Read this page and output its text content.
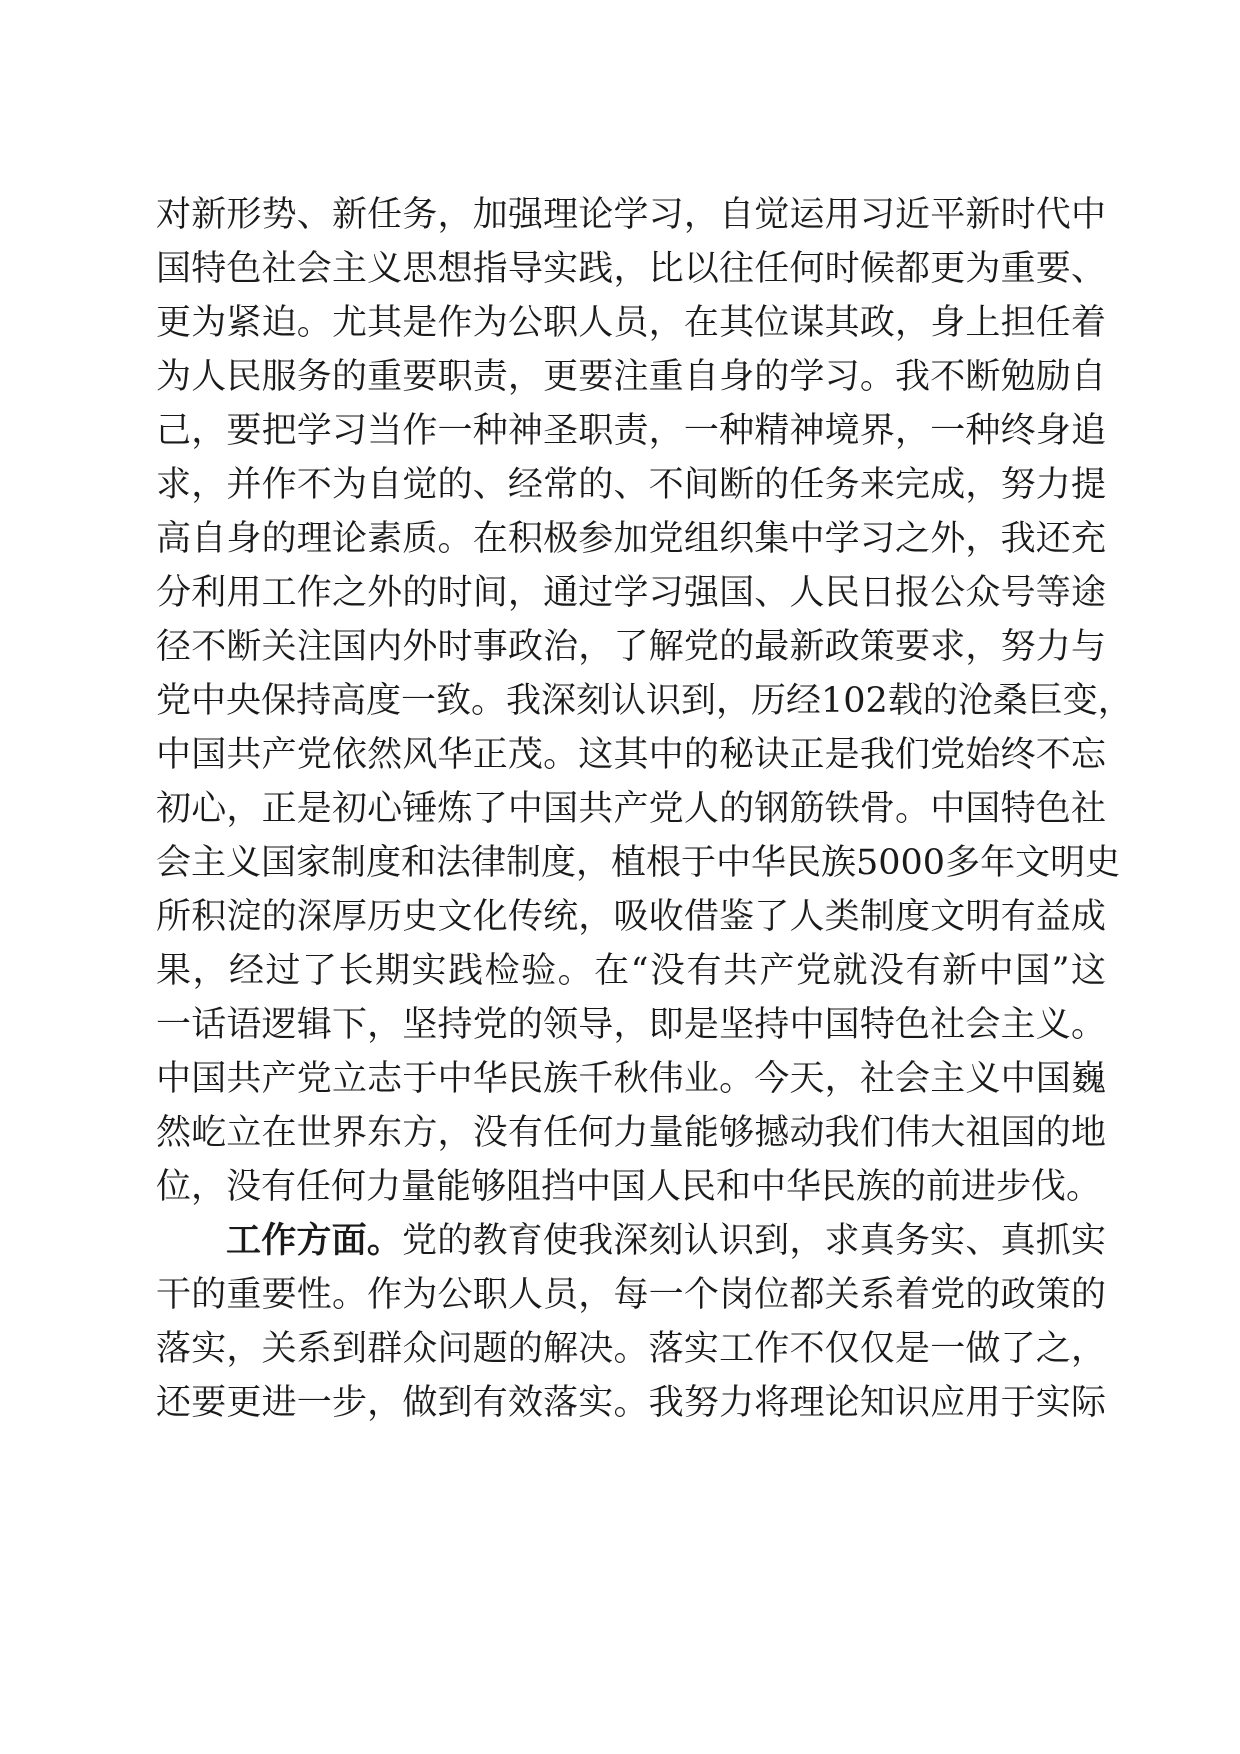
对新形势、新任务，加强理论学习，自觉运用习近平新时代中
国特色社会主义思想指导实践，比以往任何时候都更为重要、
更为紧迫。尤其是作为公职人员，在其位谋其政，身上担任着
为人民服务的重要职责，更要注重自身的学习。我不断勉励自
己，要把学习当作一种神圣职责，一种精神境界，一种终身追
求，并作不为自觉的、经常的、不间断的任务来完成，努力提
高自身的理论素质。在积极参加党组织集中学习之外，我还充
分利用工作之外的时间，通过学习强国、人民日报公众号等途
径不断关注国内外时事政治，了解党的最新政策要求，努力与
党中央保持高度一致。我深刻认识到，历经102载的沧桑巨变，
中国共产党依然风华正茂。这其中的秘诀正是我们党始终不忘
初心，正是初心锤炼了中国共产党人的钢筋铁骨。中国特色社
会主义国家制度和法律制度，植根于中华民族5000多年文明史
所积淀的深厚历史文化传统，吸收借鉴了人类制度文明有益成
果，经过了长期实践检验。在“没有共产党就没有新中国”这
一话语逻辑下，坚持党的领导，即是坚持中国特色社会主义。
中国共产党立志于中华民族千秋伟业。今天，社会主义中国巍
然屹立在世界东方，没有任何力量能够撼动我们伟大祖国的地
位，没有任何力量能够阻挡中国人民和中华民族的前进步伐。
工作方面。党的教育使我深刻认识到，求真务实、真抓实
干的重要性。作为公职人员，每一个岗位都关系着党的政策的
落实，关系到群众问题的解决。落实工作不仅仅是一做了之，
还要更进一步，做到有效落实。我努力将理论知识应用于实际
